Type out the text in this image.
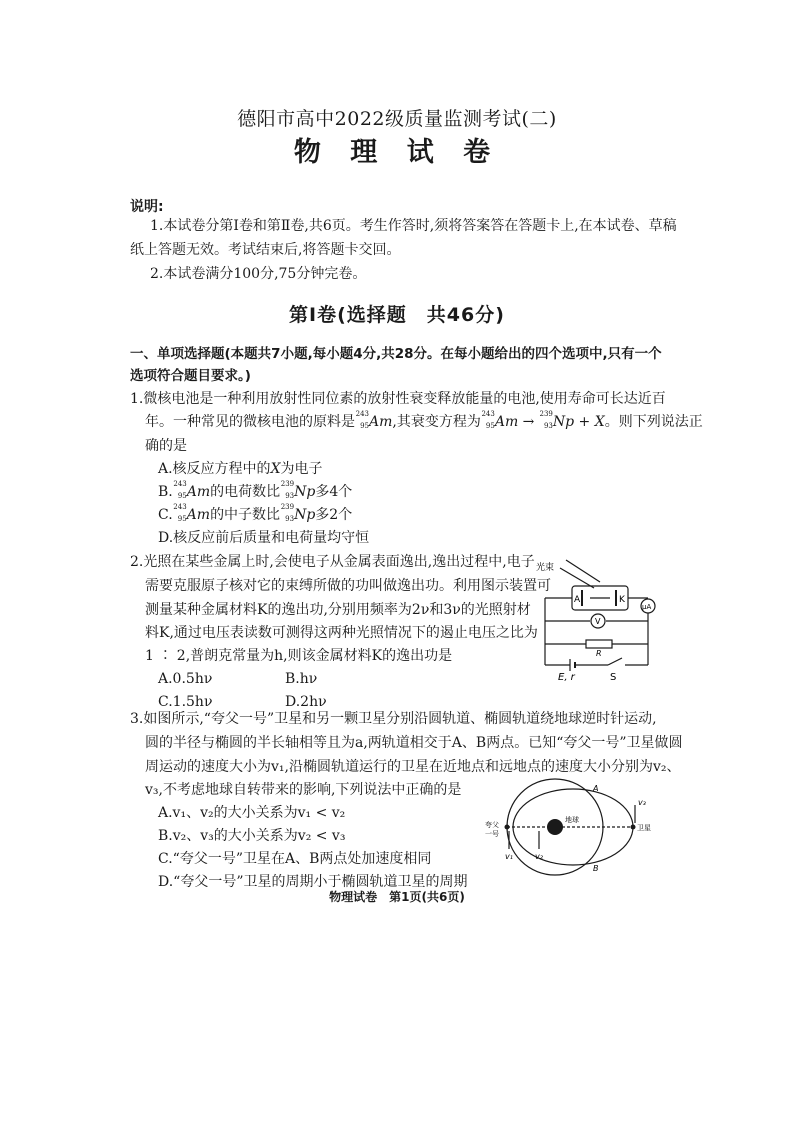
德阳市高中2022级质量监测考试(二)
物 理 试 卷
说明:
1.本试卷分第Ⅰ卷和第Ⅱ卷,共6页。考生作答时,须将答案答在答题卡上,在本试卷、草稿
纸上答题无效。考试结束后,将答题卡交回。
2.本试卷满分100分,75分钟完卷。
第Ⅰ卷(选择题　共46分)
一、单项选择题(本题共7小题,每小题4分,共28分。在每小题给出的四个选项中,只有一个
选项符合题目要求。)
1.微核电池是一种利用放射性同位素的放射性衰变释放能量的电池,使用寿命可长达近百
年。一种常见的微核电池的原料是 243
95 Am,其衰变方程为 243
95 Am → 239
93 Np + X。则下列说法正
确的是
A.核反应方程中的X为电子
B. 243
95 Am的电荷数比 239
93 Np多4个
C. 243
95 Am的中子数比 239
93 Np多2个
D.核反应前后质量和电荷量均守恒
2.光照在某些金属上时,会使电子从金属表面逸出,逸出过程中,电子
需要克服原子核对它的束缚所做的功叫做逸出功。利用图示装置可
测量某种金属材料K的逸出功,分别用频率为2ν和3ν的光照射材
料K,通过电压表读数可测得这两种光照情况下的遏止电压之比为
1 ∶ 2,普朗克常量为h,则该金属材料K的逸出功是
A.0.5hν	B.hν
C.1.5hν	D.2hν
光束
A	K
μA
V
R
E, r	S
3.如图所示,“夸父一号”卫星和另一颗卫星分别沿圆轨道、椭圆轨道绕地球逆时针运动,
圆的半径与椭圆的半长轴相等且为a,两轨道相交于A、B两点。已知“夸父一号”卫星做圆
周运动的速度大小为v₁,沿椭圆轨道运行的卫星在近地点和远地点的速度大小分别为v₂、
v₃,不考虑地球自转带来的影响,下列说法中正确的是
A.v₁、v₂的大小关系为v₁ < v₂
B.v₂、v₃的大小关系为v₂ < v₃
C.“夸父一号”卫星在A、B两点处加速度相同
D.“夸父一号”卫星的周期小于椭圆轨道卫星的周期
夸父
一号
地球
卫星
A
B
v₁	v₂
v₃
物理试卷　第1页(共6页)
